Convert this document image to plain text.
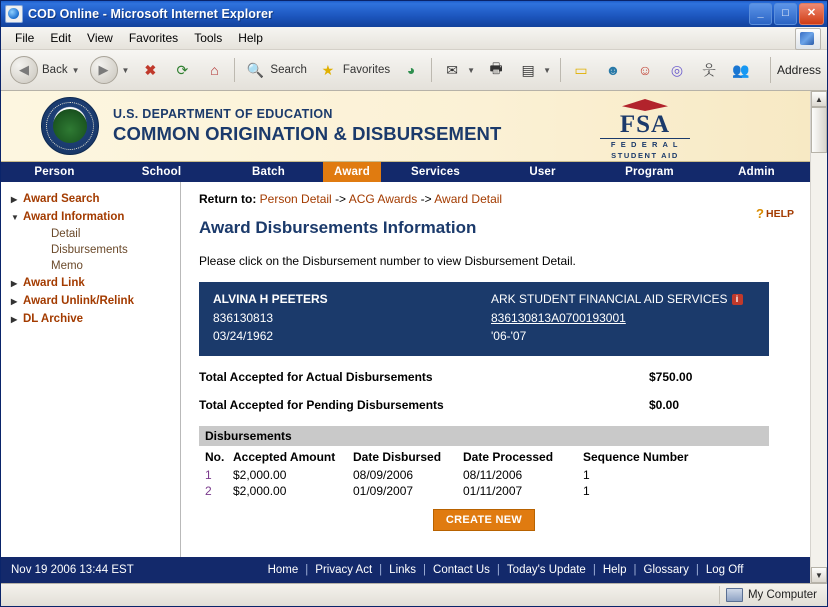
COD Online - Microsoft Internet Explorer	_ □ ✕
File	Edit	View	Favorites	Tools	Help
◀	Back ▼	▶	▼	✖	⟳	⌂	🔍 Search	★ Favorites	◕	✉	▼	🖶	▤	▼	▭	☻ ☺	◎	웃	👥 Address
U.S. DEPARTMENT OF EDUCATION
COMMON ORIGINATION & DISBURSEMENT	FSA
F E D E R A L
STUDENT AID
Person	School	Batch	Award	Services	User	Program	Admin
▶ Award Search
▼ Award Information
Detail
Disbursements
Memo
▶ Award Link
▶ Award Unlink/Relink
▶ DL Archive
Return to: Person Detail -> ACG Awards -> Award Detail
Award Disbursements Information
? HELP
Please click on the Disbursement number to view Disbursement Detail.
ALVINA H PEETERS
836130813
03/24/1962
ARK STUDENT FINANCIAL AID SERVICES i
836130813A0700193001
'06-'07
Total Accepted for Actual Disbursements	$750.00
Total Accepted for Pending Disbursements	$0.00
Disbursements
No.	Accepted Amount	Date Disbursed	Date Processed	Sequence Number
1	$2,000.00	08/09/2006	08/11/2006	1
2	$2,000.00	01/09/2007	01/11/2007	1
CREATE NEW
Nov 19 2006 13:44 EST	Home | Privacy Act | Links | Contact Us | Today's Update | Help | Glossary | Log Off
▲
▼
My Computer
